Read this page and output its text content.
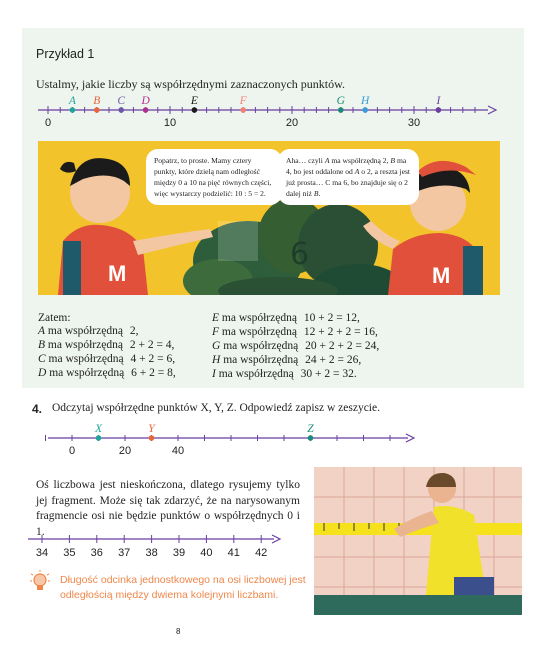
Przykład 1
Ustalmy, jakie liczby są współrzędnymi zaznaczonych punktów.
0	10	20	30
A B C D	E	F	G H	I
6
M	M
Popatrz, to proste. Mamy cztery punkty, które dzielą nam odległość między 0 a 10 na pięć równych części, więc wystarczy podzielić: 10 : 5 = 2.
Aha… czyli A ma współrzędną 2, B ma 4, bo jest oddalone od A o 2, a reszta jest już prosta… C ma 6, bo znajduje się o 2 dalej niż B.
Zatem:
A ma współrzędną 2,
B ma współrzędną 2 + 2 = 4,
C ma współrzędną 4 + 2 = 6,
D ma współrzędną 6 + 2 = 8,
E ma współrzędną 10 + 2 = 12,
F ma współrzędną 12 + 2 + 2 = 16,
G ma współrzędną 20 + 2 + 2 = 24,
H ma współrzędną 24 + 2 = 26,
I ma współrzędną 30 + 2 = 32.
4. Odczytaj współrzędne punktów X, Y, Z. Odpowiedź zapisz w zeszycie.
0	20	40
X	Y	Z
Oś liczbowa jest nieskończona, dlatego rysujemy tylko jej fragment. Może się tak zdarzyć, że na narysowanym fragmencie osi nie będzie punktów o współrzędnych 0 i 1.
34 35 36 37 38 39 40 41 42
Długość odcinka jednostkowego na osi liczbowej jest odległością między dwiema kolejnymi liczbami.
8
